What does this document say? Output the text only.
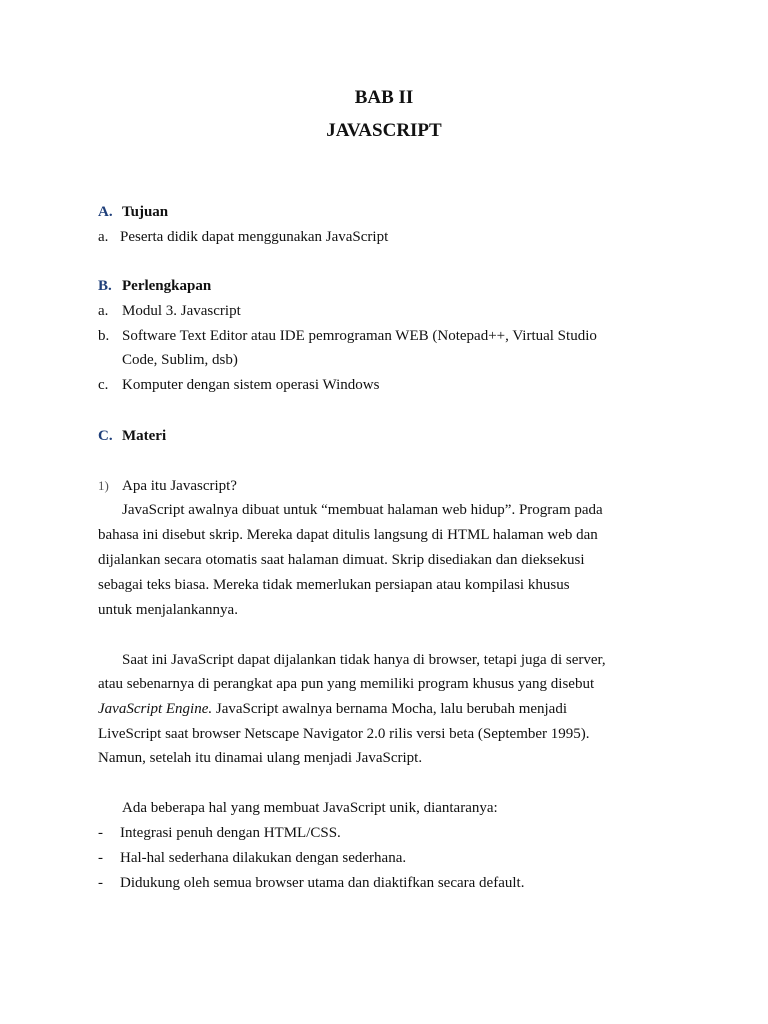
BAB II
JAVASCRIPT
A. Tujuan
a. Peserta didik dapat menggunakan JavaScript
B. Perlengkapan
a. Modul 3. Javascript
b. Software Text Editor atau IDE pemrograman WEB (Notepad++, Virtual Studio
Code, Sublim, dsb)
c. Komputer dengan sistem operasi Windows
C. Materi
1) Apa itu Javascript?
JavaScript awalnya dibuat untuk “membuat halaman web hidup”. Program pada
bahasa ini disebut skrip. Mereka dapat ditulis langsung di HTML halaman web dan
dijalankan secara otomatis saat halaman dimuat. Skrip disediakan dan dieksekusi
sebagai teks biasa. Mereka tidak memerlukan persiapan atau kompilasi khusus
untuk menjalankannya.
Saat ini JavaScript dapat dijalankan tidak hanya di browser, tetapi juga di server,
atau sebenarnya di perangkat apa pun yang memiliki program khusus yang disebut
JavaScript Engine. JavaScript awalnya bernama Mocha, lalu berubah menjadi
LiveScript saat browser Netscape Navigator 2.0 rilis versi beta (September 1995).
Namun, setelah itu dinamai ulang menjadi JavaScript.
Ada beberapa hal yang membuat JavaScript unik, diantaranya:
- Integrasi penuh dengan HTML/CSS.
- Hal-hal sederhana dilakukan dengan sederhana.
- Didukung oleh semua browser utama dan diaktifkan secara default.
